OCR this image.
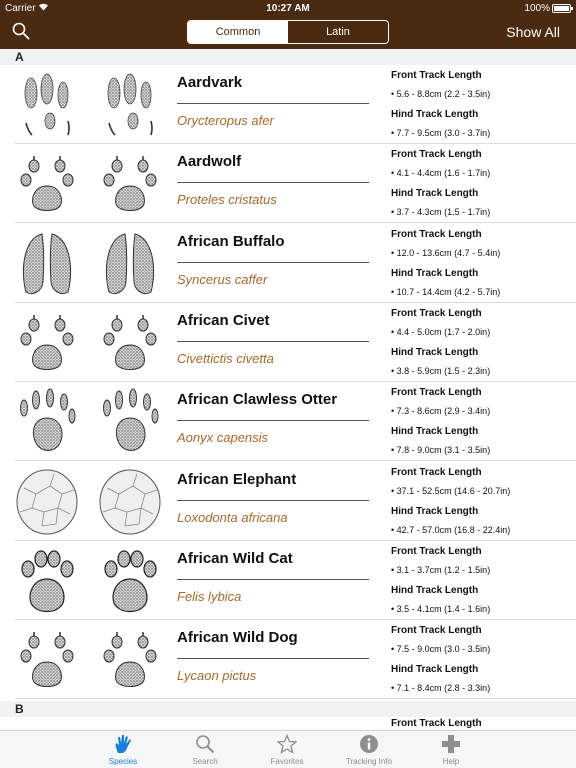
Carrier	10:27 AM	100%
Common	Latin	Show All
A
Aardvark
Orycteropus afer
Front Track Length
• 5.6 - 8.8cm (2.2 - 3.5in)
Hind Track Length
• 7.7 - 9.5cm (3.0 - 3.7in)
Aardwolf
Proteles cristatus
Front Track Length
• 4.1 - 4.4cm (1.6 - 1.7in)
Hind Track Length
• 3.7 - 4.3cm (1.5 - 1.7in)
African Buffalo
Syncerus caffer
Front Track Length
• 12.0 - 13.6cm (4.7 - 5.4in)
Hind Track Length
• 10.7 - 14.4cm (4.2 - 5.7in)
African Civet
Civettictis civetta
Front Track Length
• 4.4 - 5.0cm (1.7 - 2.0in)
Hind Track Length
• 3.8 - 5.9cm (1.5 - 2.3in)
African Clawless Otter
Aonyx capensis
Front Track Length
• 7.3 - 8.6cm (2.9 - 3.4in)
Hind Track Length
• 7.8 - 9.0cm (3.1 - 3.5in)
African Elephant
Loxodonta africana
Front Track Length
• 37.1 - 52.5cm (14.6 - 20.7in)
Hind Track Length
• 42.7 - 57.0cm (16.8 - 22.4in)
African Wild Cat
Felis lybica
Front Track Length
• 3.1 - 3.7cm (1.2 - 1.5in)
Hind Track Length
• 3.5 - 4.1cm (1.4 - 1.6in)
African Wild Dog
Lycaon pictus
Front Track Length
• 7.5 - 9.0cm (3.0 - 3.5in)
Hind Track Length
• 7.1 - 8.4cm (2.8 - 3.3in)
B
Front Track Length
Species	Search	Favorites	Tracking Info	Help
